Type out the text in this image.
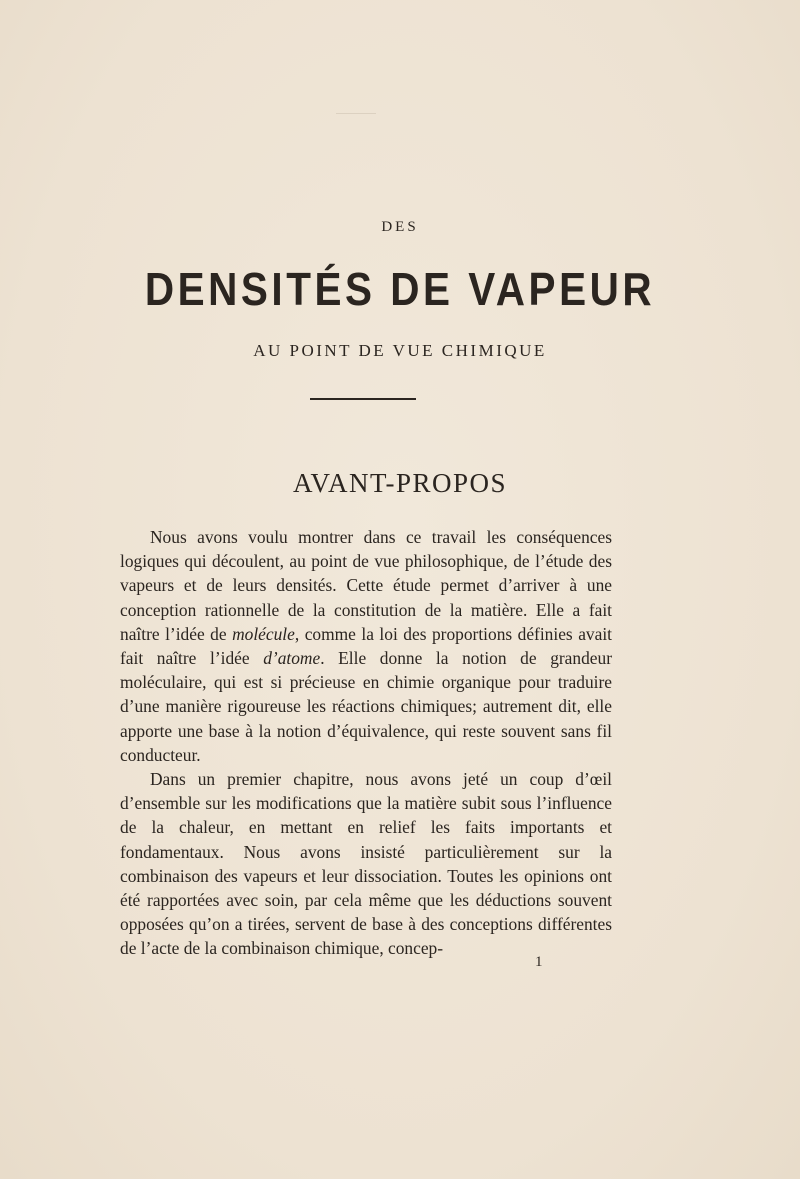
DES
DENSITÉS DE VAPEUR
AU POINT DE VUE CHIMIQUE
AVANT-PROPOS

Nous avons voulu montrer dans ce travail les conséquences logiques qui découlent, au point de vue philosophique, de l’étude des vapeurs et de leurs densités. Cette étude permet d’arriver à une conception rationnelle de la constitution de la matière. Elle a fait naître l’idée de molécule, comme la loi des proportions définies avait fait naître l’idée d’atome. Elle donne la notion de grandeur moléculaire, qui est si précieuse en chimie organique pour traduire d’une manière rigoureuse les réactions chimiques; autrement dit, elle apporte une base à la notion d’équivalence, qui reste souvent sans fil conducteur.

Dans un premier chapitre, nous avons jeté un coup d’œil d’ensemble sur les modifications que la matière subit sous l’influence de la chaleur, en mettant en relief les faits importants et fondamentaux. Nous avons insisté particulièrement sur la combinaison des vapeurs et leur dissociation. Toutes les opinions ont été rapportées avec soin, par cela même que les déductions souvent opposées qu’on a tirées, servent de base à des conceptions différentes de l’acte de la combinaison chimique, concep-

1
